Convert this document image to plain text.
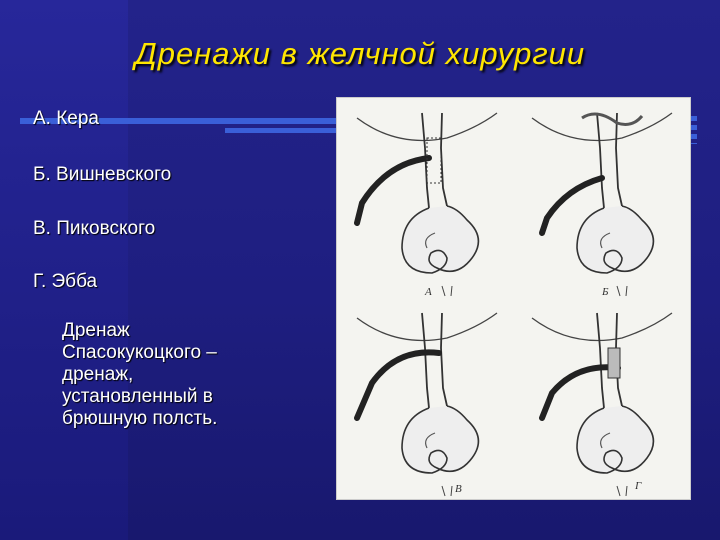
Дренажи в желчной хирургии
А. Кера
Б. Вишневского
В. Пиковского
Г. Эбба
Дренаж
Спасокукоцкого –
дренаж,
установленный в
брюшную полсть.
А	Б
В	Г
